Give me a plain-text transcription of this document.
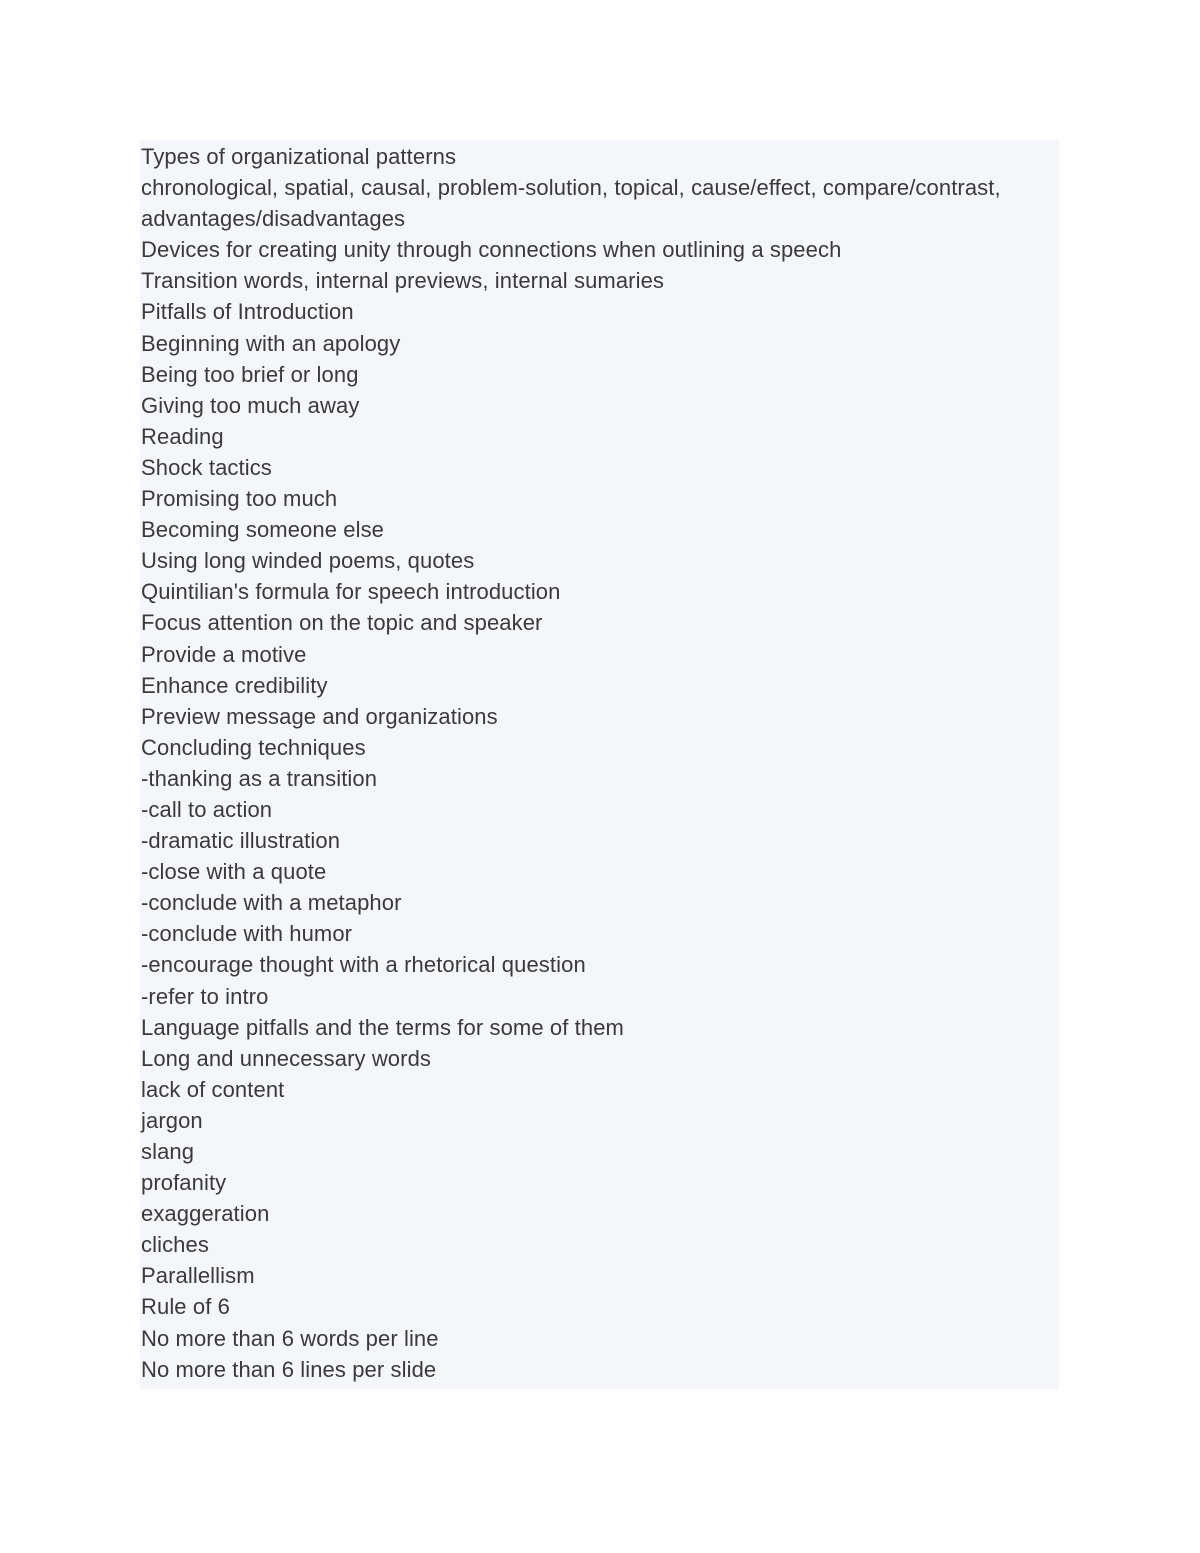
Types of organizational patterns
chronological, spatial, causal, problem-solution, topical, cause/effect, compare/contrast,
advantages/disadvantages
Devices for creating unity through connections when outlining a speech
Transition words, internal previews, internal sumaries
Pitfalls of Introduction
Beginning with an apology
Being too brief or long
Giving too much away
Reading
Shock tactics
Promising too much
Becoming someone else
Using long winded poems, quotes
Quintilian's formula for speech introduction
Focus attention on the topic and speaker
Provide a motive
Enhance credibility
Preview message and organizations
Concluding techniques
-thanking as a transition
-call to action
-dramatic illustration
-close with a quote
-conclude with a metaphor
-conclude with humor
-encourage thought with a rhetorical question
-refer to intro
Language pitfalls and the terms for some of them
Long and unnecessary words
lack of content
jargon
slang
profanity
exaggeration
cliches
Parallellism
Rule of 6
No more than 6 words per line
No more than 6 lines per slide
